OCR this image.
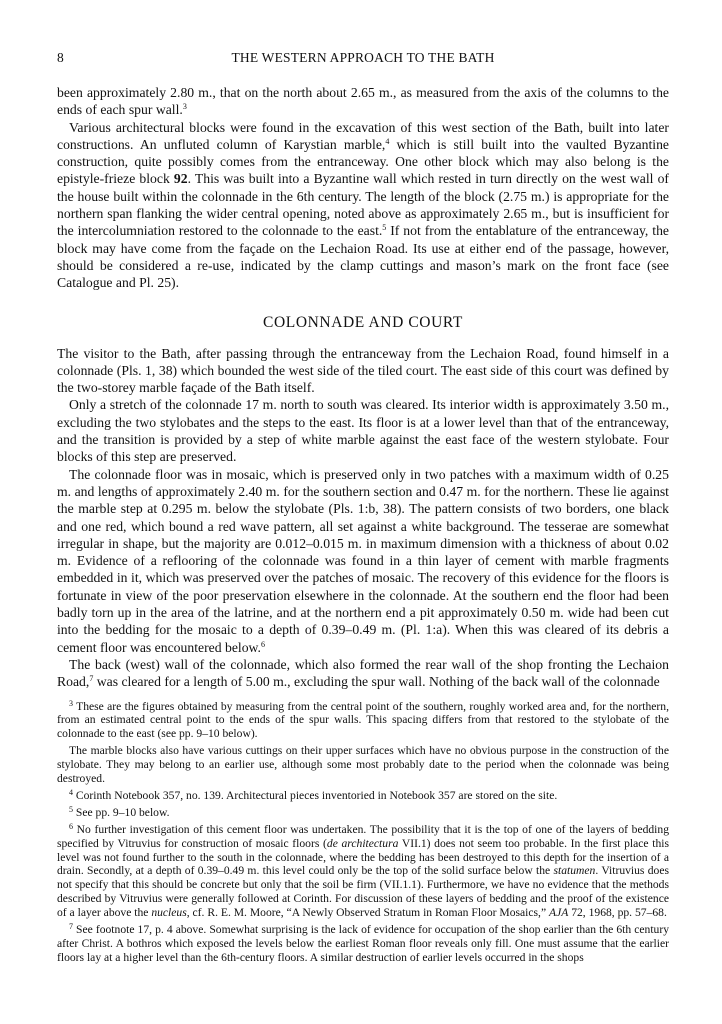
8	THE WESTERN APPROACH TO THE BATH

been approximately 2.80 m., that on the north about 2.65 m., as measured from the axis of the columns to the ends of each spur wall.$^3$

Various architectural blocks were found in the excavation of this west section of the Bath, built into later constructions. An unfluted column of Karystian marble,$^4$ which is still built into the vaulted Byzantine construction, quite possibly comes from the entranceway. One other block which may also belong is the epistyle-frieze block 92. This was built into a Byzantine wall which rested in turn directly on the west wall of the house built within the colonnade in the 6th century. The length of the block (2.75 m.) is appropriate for the northern span flanking the wider central opening, noted above as approximately 2.65 m., but is insufficient for the intercolumniation restored to the colonnade to the east.$^5$ If not from the entablature of the entranceway, the block may have come from the façade on the Lechaion Road. Its use at either end of the passage, however, should be considered a re-use, indicated by the clamp cuttings and mason’s mark on the front face (see Catalogue and Pl. 25).

COLONNADE AND COURT

The visitor to the Bath, after passing through the entranceway from the Lechaion Road, found himself in a colonnade (Pls. 1, 38) which bounded the west side of the tiled court. The east side of this court was defined by the two-storey marble façade of the Bath itself.

Only a stretch of the colonnade 17 m. north to south was cleared. Its interior width is approximately 3.50 m., excluding the two stylobates and the steps to the east. Its floor is at a lower level than that of the entranceway, and the transition is provided by a step of white marble against the east face of the western stylobate. Four blocks of this step are preserved.

The colonnade floor was in mosaic, which is preserved only in two patches with a maximum width of 0.25 m. and lengths of approximately 2.40 m. for the southern section and 0.47 m. for the northern. These lie against the marble step at 0.295 m. below the stylobate (Pls. 1:b, 38). The pattern consists of two borders, one black and one red, which bound a red wave pattern, all set against a white background. The tesserae are somewhat irregular in shape, but the majority are 0.012–0.015 m. in maximum dimension with a thickness of about 0.02 m. Evidence of a reflooring of the colonnade was found in a thin layer of cement with marble fragments embedded in it, which was preserved over the patches of mosaic. The recovery of this evidence for the floors is fortunate in view of the poor preservation elsewhere in the colonnade. At the southern end the floor had been badly torn up in the area of the latrine, and at the northern end a pit approximately 0.50 m. wide had been cut into the bedding for the mosaic to a depth of 0.39–0.49 m. (Pl. 1:a). When this was cleared of its debris a cement floor was encountered below.$^6$

The back (west) wall of the colonnade, which also formed the rear wall of the shop fronting the Lechaion Road,$^7$ was cleared for a length of 5.00 m., excluding the spur wall. Nothing of the back wall of the colonnade

$^3$ These are the figures obtained by measuring from the central point of the southern, roughly worked area and, for the northern, from an estimated central point to the ends of the spur walls. This spacing differs from that restored to the stylobate of the colonnade to the east (see pp. 9–10 below).

The marble blocks also have various cuttings on their upper surfaces which have no obvious purpose in the construction of the stylobate. They may belong to an earlier use, although some most probably date to the period when the colonnade was being destroyed.

$^4$ Corinth Notebook 357, no. 139. Architectural pieces inventoried in Notebook 357 are stored on the site.

$^5$ See pp. 9–10 below.

$^6$ No further investigation of this cement floor was undertaken. The possibility that it is the top of one of the layers of bedding specified by Vitruvius for construction of mosaic floors (de architectura VII.1) does not seem too probable. In the first place this level was not found further to the south in the colonnade, where the bedding has been destroyed to this depth for the insertion of a drain. Secondly, at a depth of 0.39–0.49 m. this level could only be the top of the solid surface below the statumen. Vitruvius does not specify that this should be concrete but only that the soil be firm (VII.1.1). Furthermore, we have no evidence that the methods described by Vitruvius were generally followed at Corinth. For discussion of these layers of bedding and the proof of the existence of a layer above the nucleus, cf. R. E. M. Moore, “A Newly Observed Stratum in Roman Floor Mosaics,” AJA 72, 1968, pp. 57–68.

$^7$ See footnote 17, p. 4 above. Somewhat surprising is the lack of evidence for occupation of the shop earlier than the 6th century after Christ. A bothros which exposed the levels below the earliest Roman floor reveals only fill. One must assume that the earlier floors lay at a higher level than the 6th-century floors. A similar destruction of earlier levels occurred in the shops
